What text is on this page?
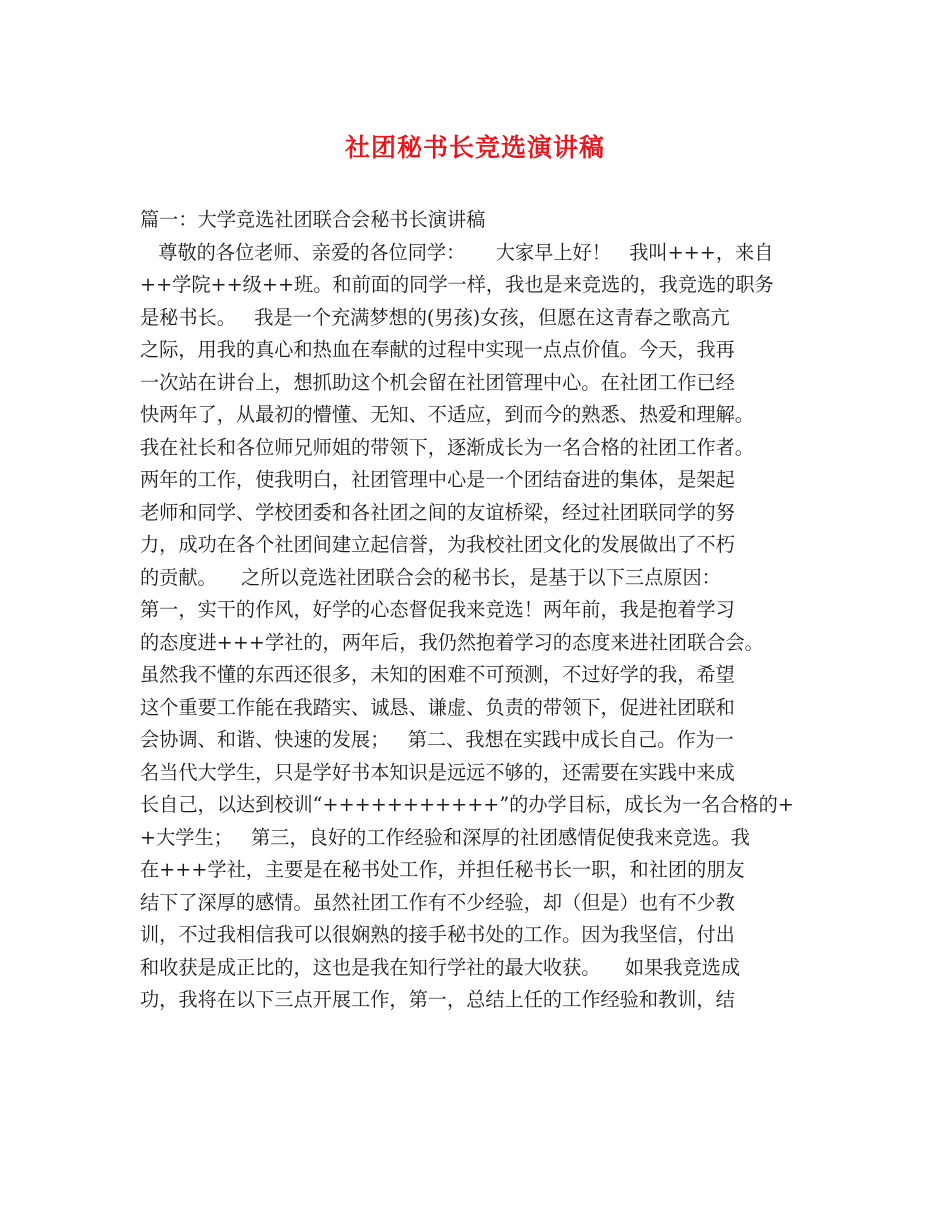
社团秘书长竞选演讲稿
篇一：大学竞选社团联合会秘书长演讲稿
尊敬的各位老师、亲爱的各位同学：     大家早上好！   我叫+++，来自
++学院++级++班。和前面的同学一样，我也是来竞选的，我竞选的职务
是秘书长。   我是一个充满梦想的(男孩)女孩，但愿在这青春之歌高亢
之际，用我的真心和热血在奉献的过程中实现一点点价值。今天，我再
一次站在讲台上，想抓助这个机会留在社团管理中心。在社团工作已经
快两年了，从最初的懵懂、无知、不适应，到而今的熟悉、热爱和理解。
我在社长和各位师兄师姐的带领下，逐渐成长为一名合格的社团工作者。
两年的工作，使我明白，社团管理中心是一个团结奋进的集体，是架起
老师和同学、学校团委和各社团之间的友谊桥梁，经过社团联同学的努
力，成功在各个社团间建立起信誉，为我校社团文化的发展做出了不朽
的贡献。    之所以竞选社团联合会的秘书长，是基于以下三点原因：
第一，实干的作风，好学的心态督促我来竞选！两年前，我是抱着学习
的态度进+++学社的，两年后，我仍然抱着学习的态度来进社团联合会。
虽然我不懂的东西还很多，未知的困难不可预测，不过好学的我，希望
这个重要工作能在我踏实、诚恳、谦虚、负责的带领下，促进社团联和
会协调、和谐、快速的发展；   第二、我想在实践中成长自己。作为一
名当代大学生，只是学好书本知识是远远不够的，还需要在实践中来成
长自己，以达到校训“+++++++++++”的办学目标，成长为一名合格的+
+大学生；   第三，良好的工作经验和深厚的社团感情促使我来竞选。我
在+++学社，主要是在秘书处工作，并担任秘书长一职，和社团的朋友
结下了深厚的感情。虽然社团工作有不少经验，却（但是）也有不少教
训，不过我相信我可以很娴熟的接手秘书处的工作。因为我坚信，付出
和收获是成正比的，这也是我在知行学社的最大收获。    如果我竞选成
功，我将在以下三点开展工作，第一，总结上任的工作经验和教训，结
